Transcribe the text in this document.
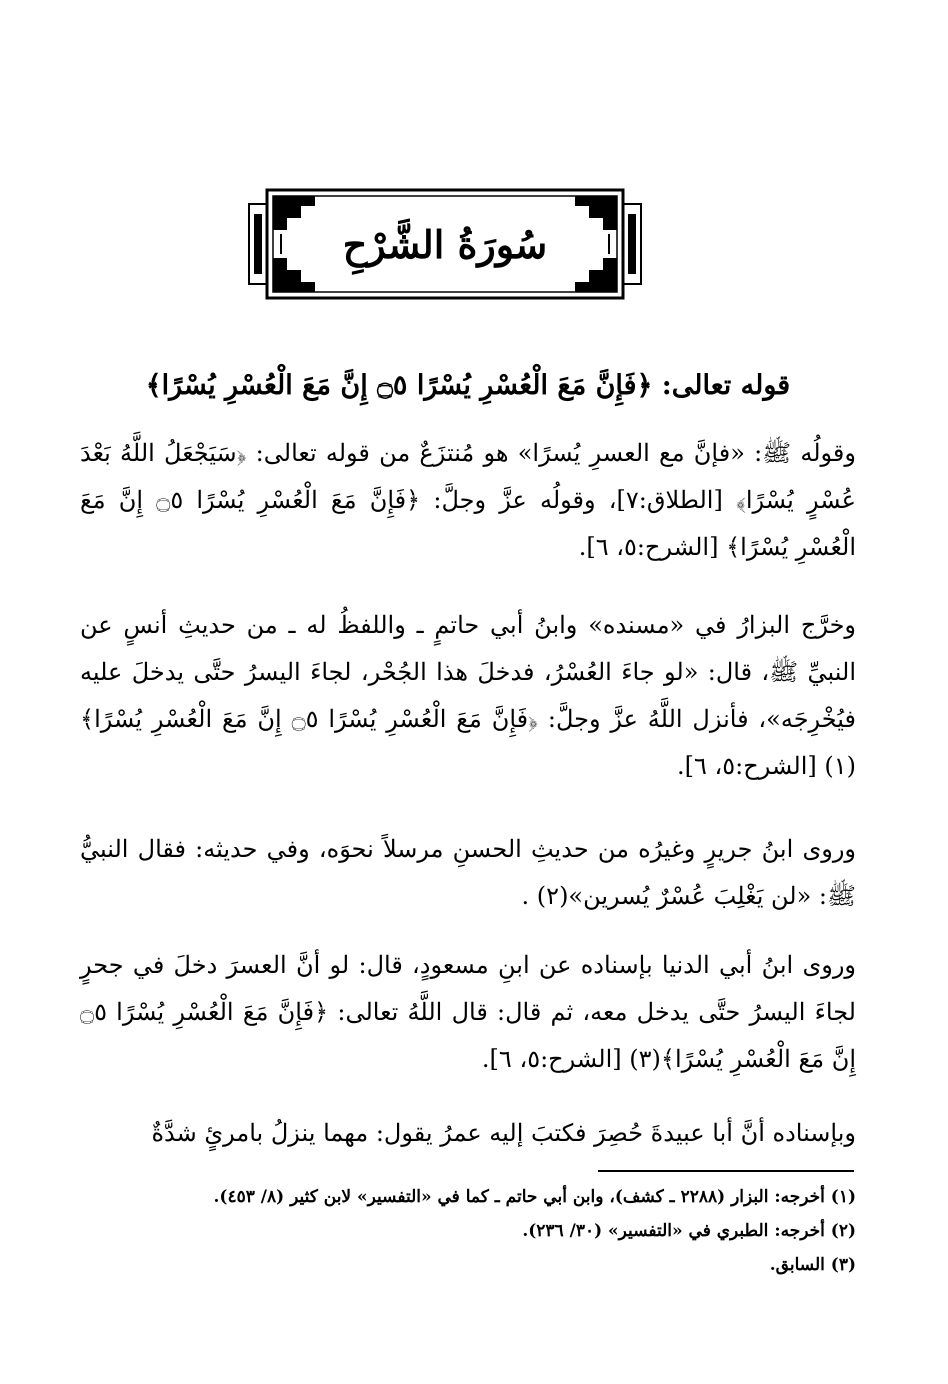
سُورَةُ الشَّرْحِ
قوله تعالى: ﴿فَإِنَّ مَعَ الْعُسْرِ يُسْرًا ۝٥ إِنَّ مَعَ الْعُسْرِ يُسْرًا﴾
وقولُه ﷺ: «فإنَّ مع العسرِ يُسرًا» هو مُنتزَعٌ من قوله تعالى: ﴿سَيَجْعَلُ اللَّهُ بَعْدَ عُسْرٍ يُسْرًا﴾ [الطلاق:٧]، وقولُه عزَّ وجلَّ: ﴿فَإِنَّ مَعَ الْعُسْرِ يُسْرًا ۝٥ إِنَّ مَعَ الْعُسْرِ يُسْرًا﴾ [الشرح:٥، ٦].
وخرَّج البزارُ في «مسنده» وابنُ أبي حاتمٍ ـ واللفظُ له ـ من حديثِ أنسٍ عن النبيِّ ﷺ، قال: «لو جاءَ العُسْرُ، فدخلَ هذا الجُحْر، لجاءَ اليسرُ حتَّى يدخلَ عليه فيُخْرِجَه»، فأنزل اللَّهُ عزَّ وجلَّ: ﴿فَإِنَّ مَعَ الْعُسْرِ يُسْرًا ۝٥ إِنَّ مَعَ الْعُسْرِ يُسْرًا﴾(١) [الشرح:٥، ٦].
وروى ابنُ جريرٍ وغيرُه من حديثِ الحسنِ مرسلاً نحوَه، وفي حديثه: فقال النبيُّ ﷺ: «لن يَغْلِبَ عُسْرٌ يُسرين»(٢) .
وروى ابنُ أبي الدنيا بإسناده عن ابنِ مسعودٍ، قال: لو أنَّ العسرَ دخلَ في جحرٍ لجاءَ اليسرُ حتَّى يدخل معه، ثم قال: قال اللَّهُ تعالى: ﴿فَإِنَّ مَعَ الْعُسْرِ يُسْرًا ۝٥ إِنَّ مَعَ الْعُسْرِ يُسْرًا﴾(٣) [الشرح:٥، ٦].
وبإسناده أنَّ أبا عبيدةَ حُصِرَ فكتبَ إليه عمرُ يقول: مهما ينزلُ بامرئٍ شدَّةٌ
(١) أخرجه: البزار (٢٢٨٨ ـ كشف)، وابن أبي حاتم ـ كما في «التفسير» لابن كثير (٨/ ٤٥٣).
(٢) أخرجه: الطبري في «التفسير» (٣٠/ ٢٣٦).
(٣) السابق.
